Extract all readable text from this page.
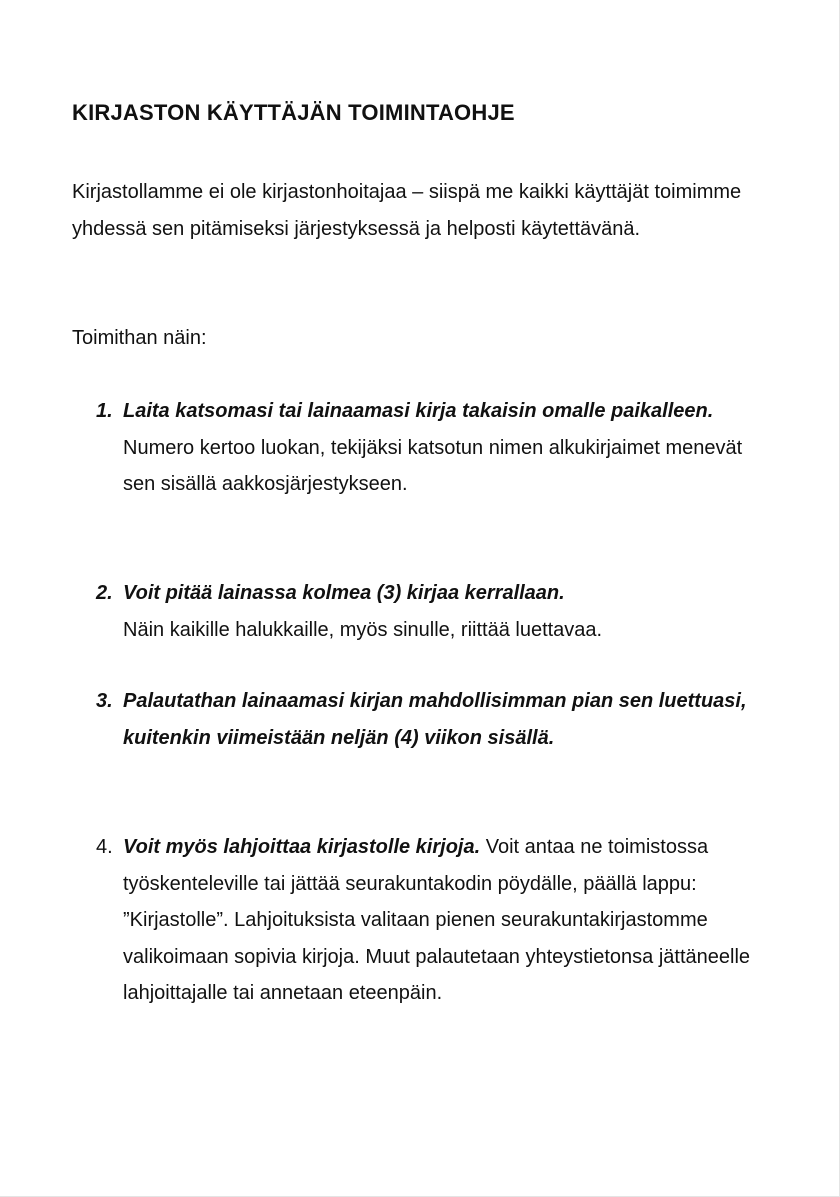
KIRJASTON KÄYTTÄJÄN TOIMINTAOHJE

Kirjastollamme ei ole kirjastonhoitajaa – siispä me kaikki käyttäjät toimimme yhdessä sen pitämiseksi järjestyksessä ja helposti käytettävänä.

Toimithan näin:

1. Laita katsomasi tai lainaamasi kirja takaisin omalle paikalleen.
Numero kertoo luokan, tekijäksi katsotun nimen alkukirjaimet menevät sen sisällä aakkosjärjestykseen.
2. Voit pitää lainassa kolmea (3) kirjaa kerrallaan.
Näin kaikille halukkaille, myös sinulle, riittää luettavaa.
3. Palautathan lainaamasi kirjan mahdollisimman pian sen luettuasi, kuitenkin viimeistään neljän (4) viikon sisällä.
4. Voit myös lahjoittaa kirjastolle kirjoja. Voit antaa ne toimistossa työskenteleville tai jättää seurakuntakodin pöydälle, päällä lappu: ”Kirjastolle”. Lahjoituksista valitaan pienen seurakuntakirjastomme valikoimaan sopivia kirjoja. Muut palautetaan yhteystietonsa jättäneelle lahjoittajalle tai annetaan eteenpäin.
